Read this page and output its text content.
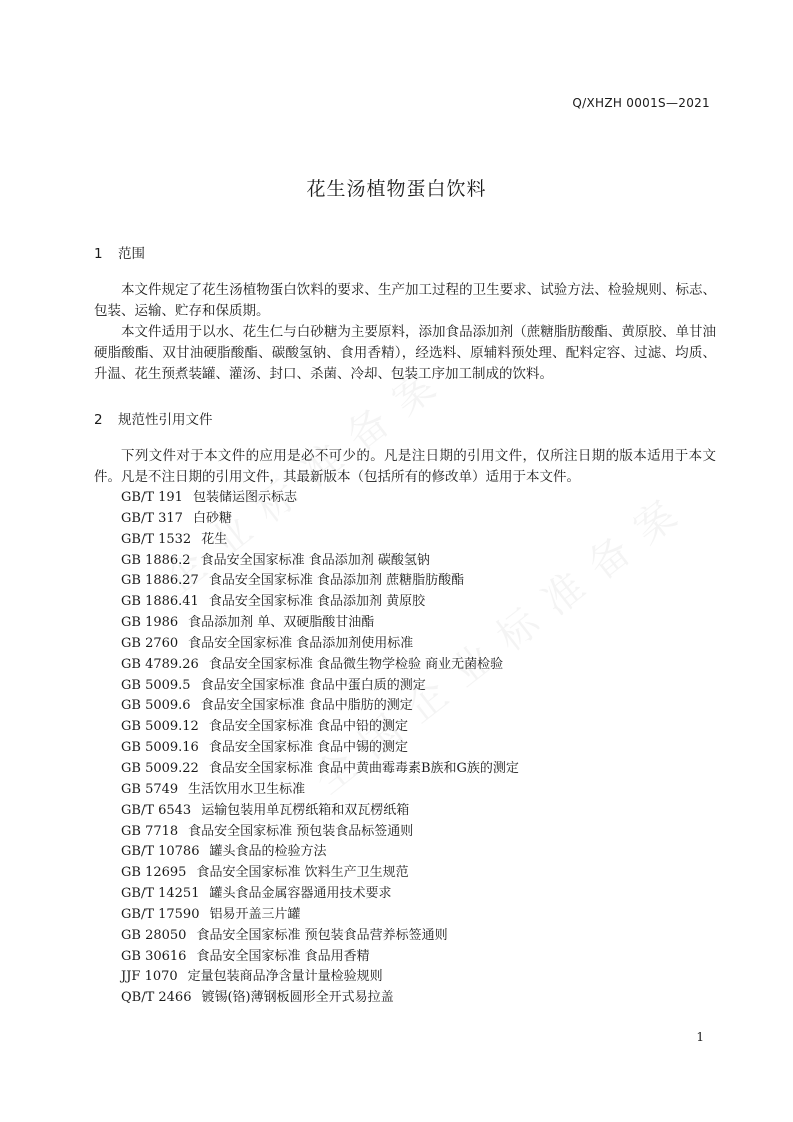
Q/XHZH 0001S—2021
花生汤植物蛋白饮料
1 范围

本文件规定了花生汤植物蛋白饮料的要求、生产加工过程的卫生要求、试验方法、检验规则、标志、包装、运输、贮存和保质期。

本文件适用于以水、花生仁与白砂糖为主要原料，添加食品添加剂（蔗糖脂肪酸酯、黄原胶、单甘油硬脂酸酯、双甘油硬脂酸酯、碳酸氢钠、食用香精），经选料、原辅料预处理、配料定容、过滤、均质、升温、花生预煮装罐、灌汤、封口、杀菌、冷却、包装工序加工制成的饮料。

2 规范性引用文件

下列文件对于本文件的应用是必不可少的。凡是注日期的引用文件，仅所注日期的版本适用于本文件。凡是不注日期的引用文件，其最新版本（包括所有的修改单）适用于本文件。

GB/T 191 包装储运图示标志
GB/T 317 白砂糖
GB/T 1532 花生
GB 1886.2 食品安全国家标准 食品添加剂 碳酸氢钠
GB 1886.27 食品安全国家标准 食品添加剂 蔗糖脂肪酸酯
GB 1886.41 食品安全国家标准 食品添加剂 黄原胶
GB 1986 食品添加剂 单、双硬脂酸甘油酯
GB 2760 食品安全国家标准 食品添加剂使用标准
GB 4789.26 食品安全国家标准 食品微生物学检验 商业无菌检验
GB 5009.5 食品安全国家标准 食品中蛋白质的测定
GB 5009.6 食品安全国家标准 食品中脂肪的测定
GB 5009.12 食品安全国家标准 食品中铅的测定
GB 5009.16 食品安全国家标准 食品中锡的测定
GB 5009.22 食品安全国家标准 食品中黄曲霉毒素B族和G族的测定
GB 5749 生活饮用水卫生标准
GB/T 6543 运输包装用单瓦楞纸箱和双瓦楞纸箱
GB 7718 食品安全国家标准 预包装食品标签通则
GB/T 10786 罐头食品的检验方法
GB 12695 食品安全国家标准 饮料生产卫生规范
GB/T 14251 罐头食品金属容器通用技术要求
GB/T 17590 铝易开盖三片罐
GB 28050 食品安全国家标准 预包装食品营养标签通则
GB 30616 食品安全国家标准 食品用香精
JJF 1070 定量包装商品净含量计量检验规则
QB/T 2466 镀锡(铬)薄钢板圆形全开式易拉盖
1
